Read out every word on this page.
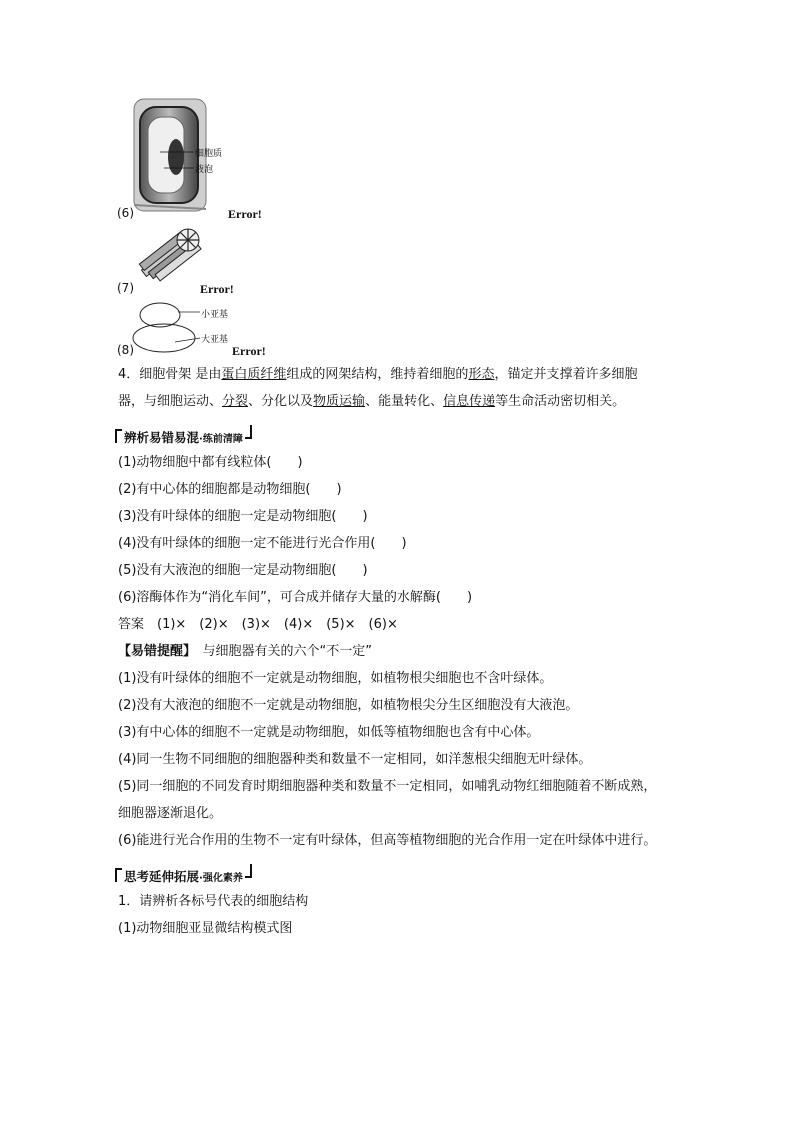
细胞质
液泡
(6)	Error!
(7)	Error!
小亚基
大亚基
(8)	Error!
4．细胞骨架 是由蛋白质纤维组成的网架结构，维持着细胞的形态，锚定并支撑着许多细胞
器，与细胞运动、分裂、分化以及物质运输、能量转化、信息传递等生命活动密切相关。
辨析易错易混·练前清障
(1)动物细胞中都有线粒体(　　)
(2)有中心体的细胞都是动物细胞(　　)
(3)没有叶绿体的细胞一定是动物细胞(　　)
(4)没有叶绿体的细胞一定不能进行光合作用(　　)
(5)没有大液泡的细胞一定是动物细胞(　　)
(6)溶酶体作为“消化车间”，可合成并储存大量的水解酶(　　)
答案　(1)×　(2)×　(3)×　(4)×　(5)×　(6)×
【易错提醒】　与细胞器有关的六个“不一定”
(1)没有叶绿体的细胞不一定就是动物细胞，如植物根尖细胞也不含叶绿体。
(2)没有大液泡的细胞不一定就是动物细胞，如植物根尖分生区细胞没有大液泡。
(3)有中心体的细胞不一定就是动物细胞，如低等植物细胞也含有中心体。
(4)同一生物不同细胞的细胞器种类和数量不一定相同，如洋葱根尖细胞无叶绿体。
(5)同一细胞的不同发育时期细胞器种类和数量不一定相同，如哺乳动物红细胞随着不断成熟，
细胞器逐渐退化。
(6)能进行光合作用的生物不一定有叶绿体，但高等植物细胞的光合作用一定在叶绿体中进行。
思考延伸拓展·强化素养
1．请辨析各标号代表的细胞结构
(1)动物细胞亚显微结构模式图
